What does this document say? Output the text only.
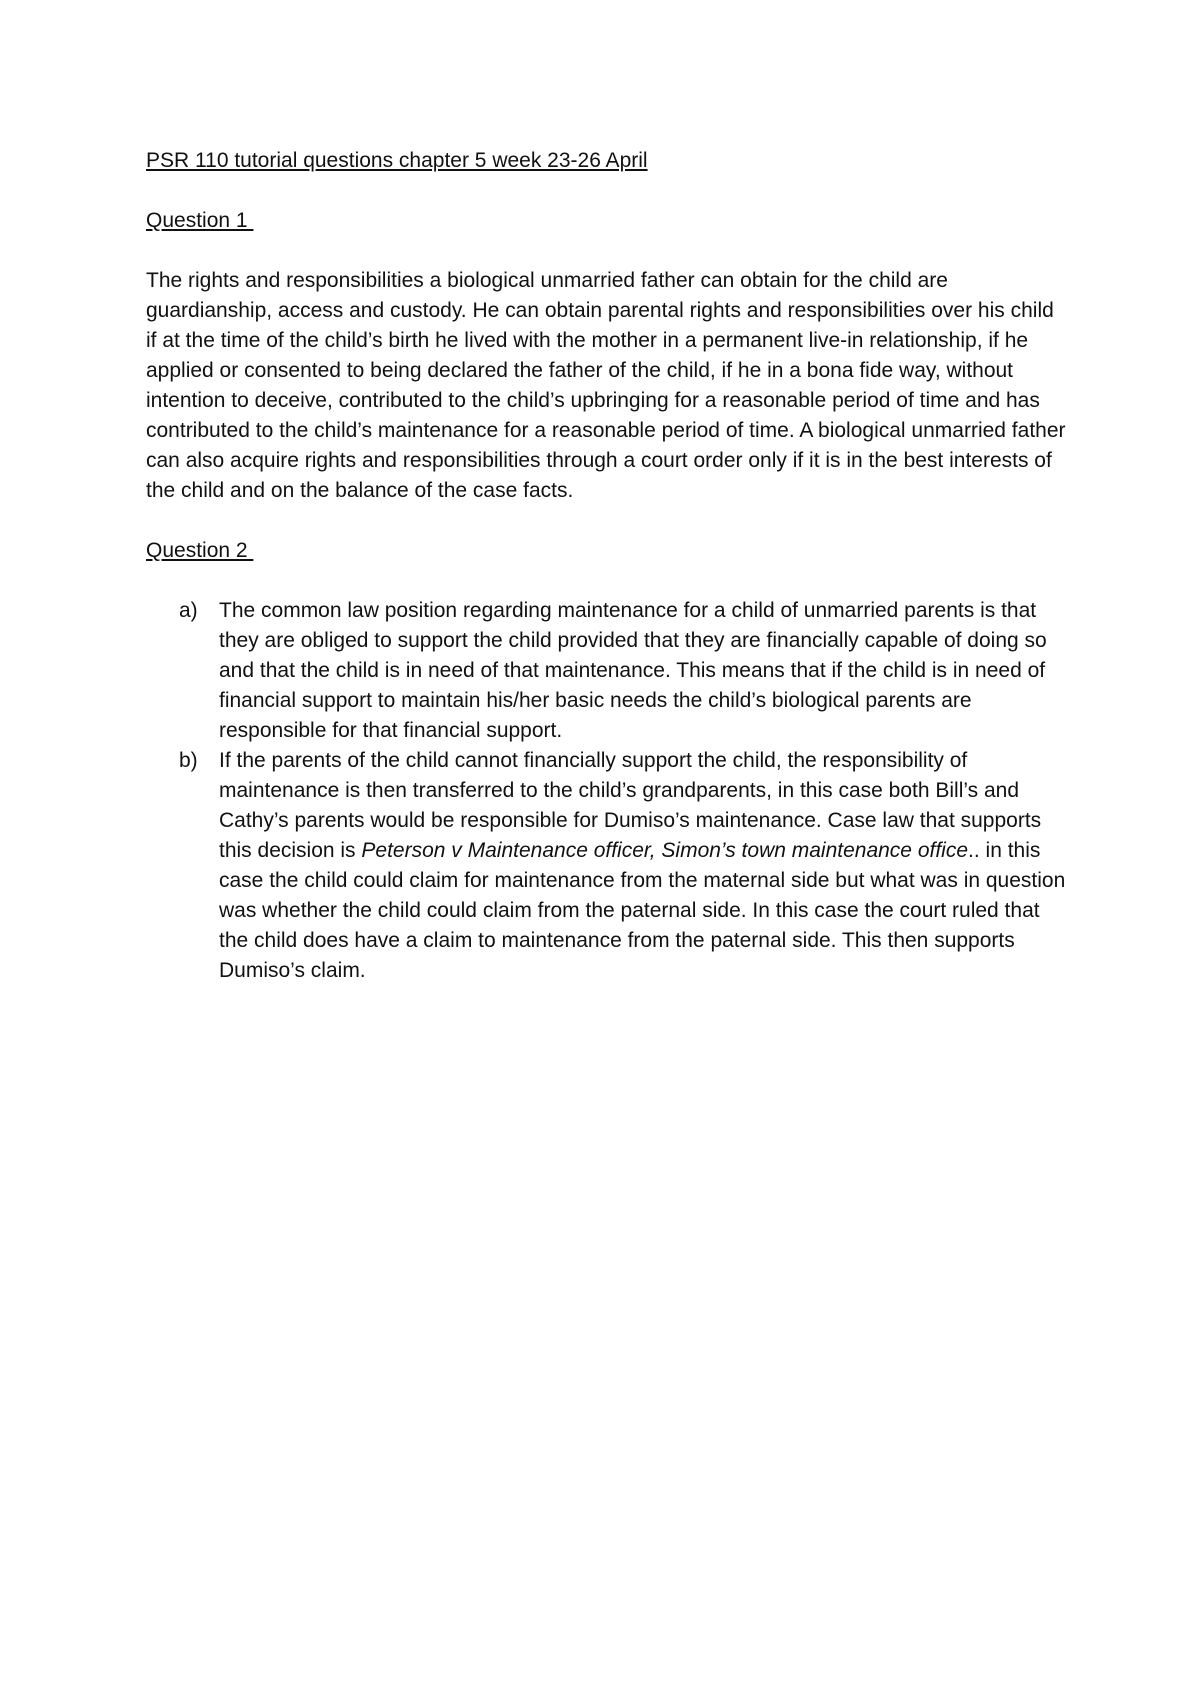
PSR 110 tutorial questions chapter 5 week 23-26 April
Question 1

The rights and responsibilities a biological unmarried father can obtain for the child are guardianship, access and custody. He can obtain parental rights and responsibilities over his child if at the time of the child’s birth he lived with the mother in a permanent live-in relationship, if he applied or consented to being declared the father of the child, if he in a bona fide way, without intention to deceive, contributed to the child’s upbringing for a reasonable period of time and has contributed to the child’s maintenance for a reasonable period of time. A biological unmarried father can also acquire rights and responsibilities through a court order only if it is in the best interests of the child and on the balance of the case facts.

Question 2
a)	The common law position regarding maintenance for a child of unmarried parents is that they are obliged to support the child provided that they are financially capable of doing so and that the child is in need of that maintenance. This means that if the child is in need of financial support to maintain his/her basic needs the child’s biological parents are responsible for that financial support.
b)	If the parents of the child cannot financially support the child, the responsibility of maintenance is then transferred to the child’s grandparents, in this case both Bill’s and Cathy’s parents would be responsible for Dumiso’s maintenance. Case law that supports this decision is Peterson v Maintenance officer, Simon’s town maintenance office.. in this case the child could claim for maintenance from the maternal side but what was in question was whether the child could claim from the paternal side. In this case the court ruled that the child does have a claim to maintenance from the paternal side. This then supports Dumiso’s claim.
